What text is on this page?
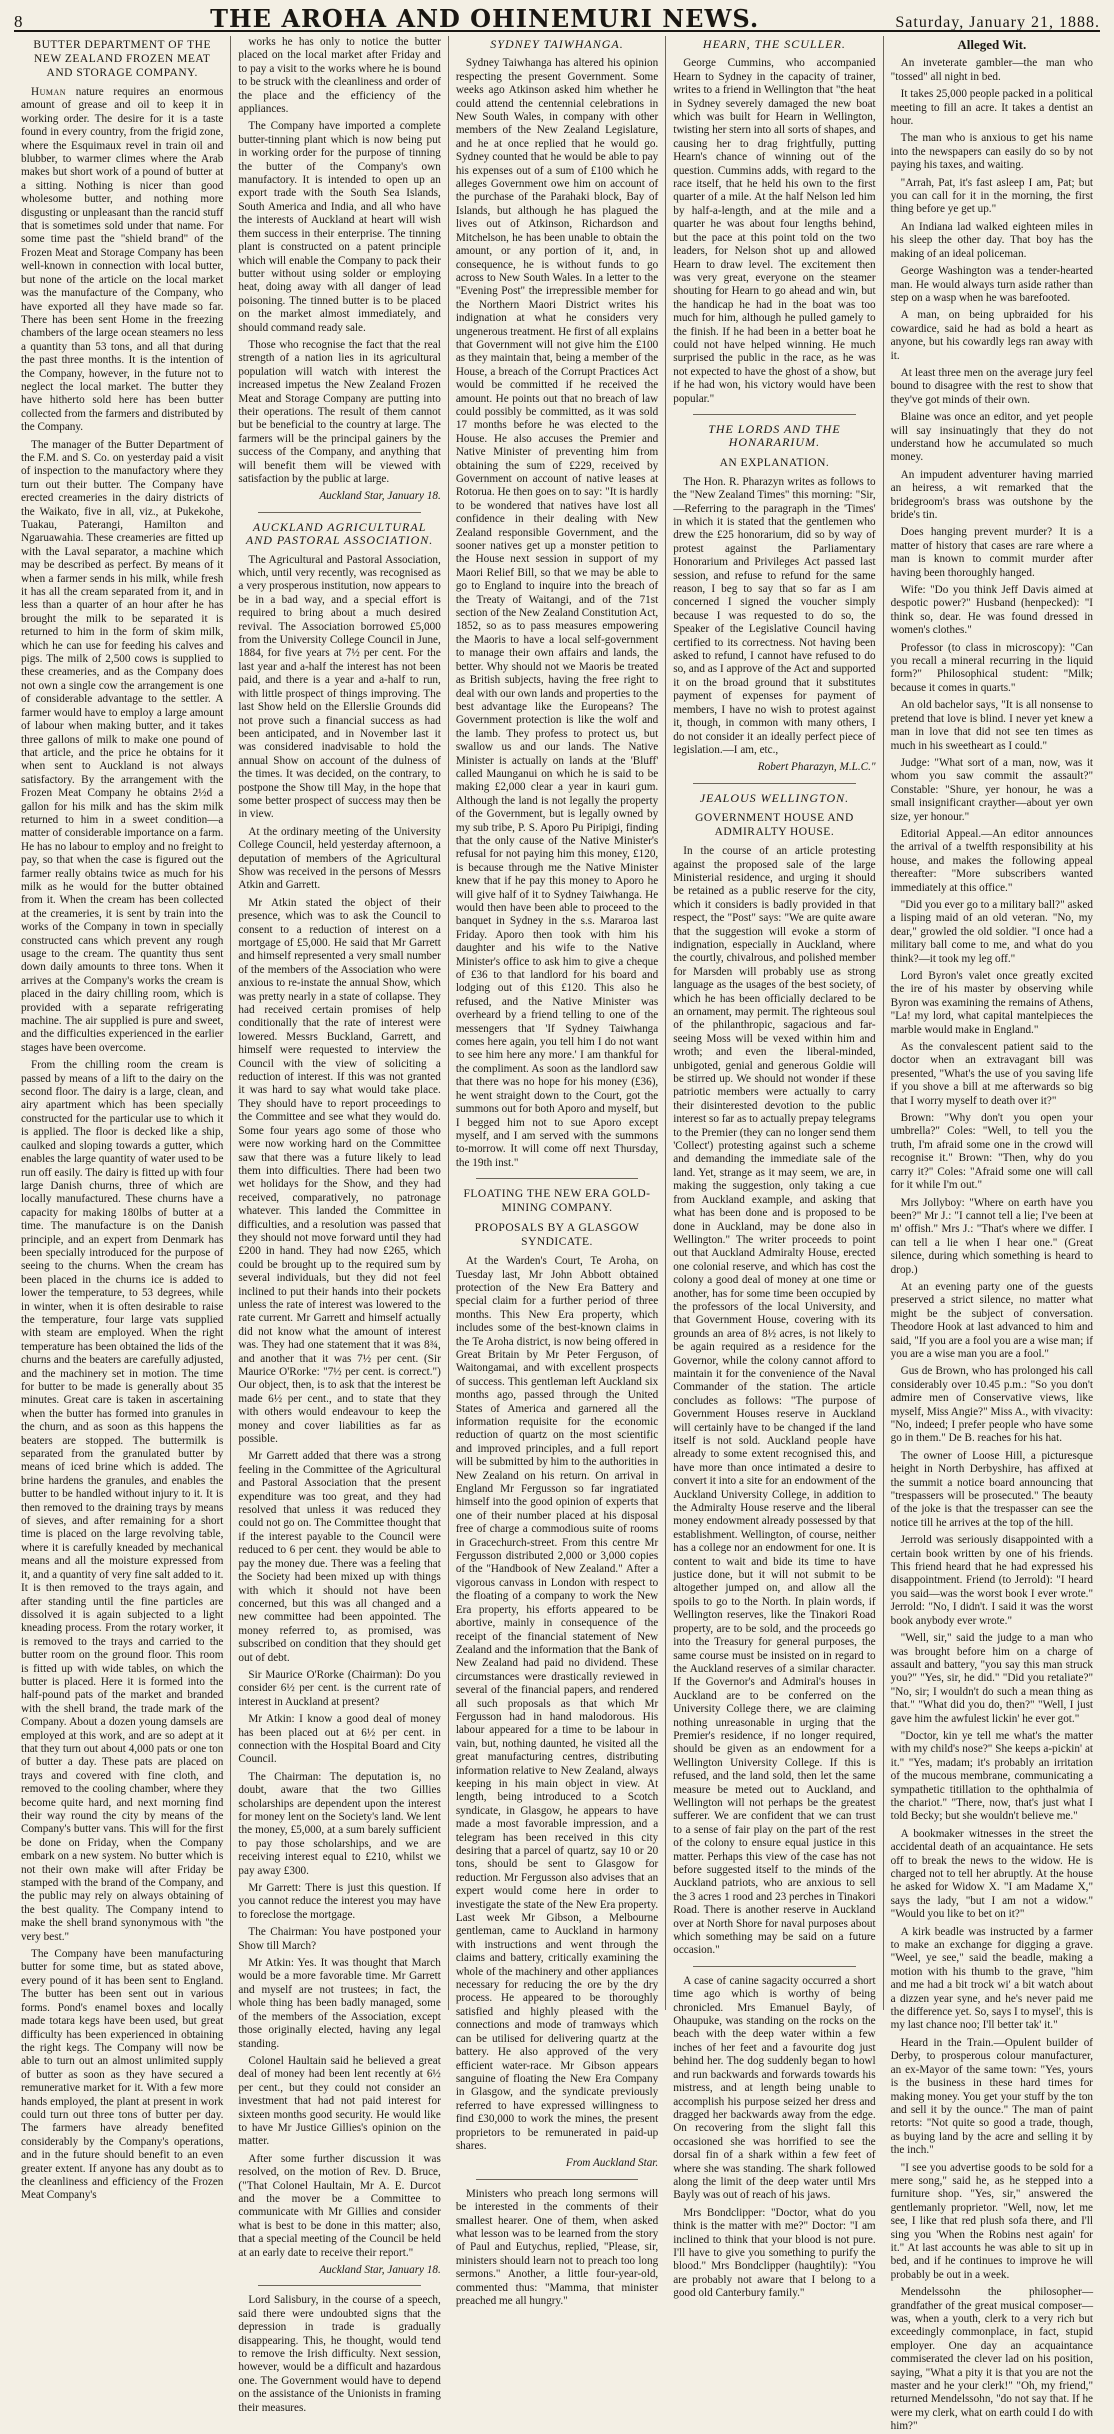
8	THE AROHA AND OHINEMURI NEWS.	Saturday, January 21, 1888.
BUTTER DEPARTMENT OF THE NEW ZEALAND FROZEN MEAT AND STORAGE COMPANY.

Human nature requires an enormous amount of grease and oil to keep it in working order. The desire for it is a taste found in every country, from the frigid zone, where the Esquimaux revel in train oil and blubber, to warmer climes where the Arab makes but short work of a pound of butter at a sitting. Nothing is nicer than good wholesome butter, and nothing more disgusting or unpleasant than the rancid stuff that is sometimes sold under that name. For some time past the "shield brand" of the Frozen Meat and Storage Company has been well-known in connection with local butter, but none of the article on the local market was the manufacture of the Company, who have exported all they have made so far. There has been sent Home in the freezing chambers of the large ocean steamers no less a quantity than 53 tons, and all that during the past three months. It is the intention of the Company, however, in the future not to neglect the local market. The butter they have hitherto sold here has been butter collected from the farmers and distributed by the Company.

The manager of the Butter Department of the F.M. and S. Co. on yesterday paid a visit of inspection to the manufactory where they turn out their butter. The Company have erected creameries in the dairy districts of the Waikato, five in all, viz., at Pukekohe, Tuakau, Paterangi, Hamilton and Ngaruawahia. These creameries are fitted up with the Laval separator, a machine which may be described as perfect. By means of it when a farmer sends in his milk, while fresh it has all the cream separated from it, and in less than a quarter of an hour after he has brought the milk to be separated it is returned to him in the form of skim milk, which he can use for feeding his calves and pigs. The milk of 2,500 cows is supplied to these creameries, and as the Company does not own a single cow the arrangement is one of considerable advantage to the settler. A farmer would have to employ a large amount of labour when making butter, and it takes three gallons of milk to make one pound of that article, and the price he obtains for it when sent to Auckland is not always satisfactory. By the arrangement with the Frozen Meat Company he obtains 2½d a gallon for his milk and has the skim milk returned to him in a sweet condition—a matter of considerable importance on a farm. He has no labour to employ and no freight to pay, so that when the case is figured out the farmer really obtains twice as much for his milk as he would for the butter obtained from it. When the cream has been collected at the creameries, it is sent by train into the works of the Company in town in specially constructed cans which prevent any rough usage to the cream. The quantity thus sent down daily amounts to three tons. When it arrives at the Company's works the cream is placed in the dairy chilling room, which is provided with a separate refrigerating machine. The air supplied is pure and sweet, and the difficulties experienced in the earlier stages have been overcome.

From the chilling room the cream is passed by means of a lift to the dairy on the second floor. The dairy is a large, clean, and airy apartment which has been specially constructed for the particular use to which it is applied. The floor is decked like a ship, caulked and sloping towards a gutter, which enables the large quantity of water used to be run off easily. The dairy is fitted up with four large Danish churns, three of which are locally manufactured. These churns have a capacity for making 180lbs of butter at a time. The manufacture is on the Danish principle, and an expert from Denmark has been specially introduced for the purpose of seeing to the churns. When the cream has been placed in the churns ice is added to lower the temperature, to 53 degrees, while in winter, when it is often desirable to raise the temperature, four large vats supplied with steam are employed. When the right temperature has been obtained the lids of the churns and the beaters are carefully adjusted, and the machinery set in motion. The time for butter to be made is generally about 35 minutes. Great care is taken in ascertaining when the butter has formed into granules in the churn, and as soon as this happens the beaters are stopped. The buttermilk is separated from the granulated butter by means of iced brine which is added. The brine hardens the granules, and enables the butter to be handled without injury to it. It is then removed to the draining trays by means of sieves, and after remaining for a short time is placed on the large revolving table, where it is carefully kneaded by mechanical means and all the moisture expressed from it, and a quantity of very fine salt added to it. It is then removed to the trays again, and after standing until the fine particles are dissolved it is again subjected to a light kneading process. From the rotary worker, it is removed to the trays and carried to the butter room on the ground floor. This room is fitted up with wide tables, on which the butter is placed. Here it is formed into the half-pound pats of the market and branded with the shell brand, the trade mark of the Company. About a dozen young damsels are employed at this work, and are so adept at it that they turn out about 4,000 pats or one ton of butter a day. These pats are placed on trays and covered with fine cloth, and removed to the cooling chamber, where they become quite hard, and next morning find their way round the city by means of the Company's butter vans. This will for the first be done on Friday, when the Company embark on a new system. No butter which is not their own make will after Friday be stamped with the brand of the Company, and the public may rely on always obtaining of the best quality. The Company intend to make the shell brand synonymous with "the very best."

The Company have been manufacturing butter for some time, but as stated above, every pound of it has been sent to England. The butter has been sent out in various forms. Pond's enamel boxes and locally made totara kegs have been used, but great difficulty has been experienced in obtaining the right kegs. The Company will now be able to turn out an almost unlimited supply of butter as soon as they have secured a remunerative market for it. With a few more hands employed, the plant at present in work could turn out three tons of butter per day. The farmers have already benefited considerably by the Company's operations, and in the future should benefit to an even greater extent. If anyone has any doubt as to the cleanliness and efficiency of the Frozen Meat Company's

works he has only to notice the butter placed on the local market after Friday and to pay a visit to the works where he is bound to be struck with the cleanliness and order of the place and the efficiency of the appliances.

The Company have imported a complete butter-tinning plant which is now being put in working order for the purpose of tinning the butter of the Company's own manufactory. It is intended to open up an export trade with the South Sea Islands, South America and India, and all who have the interests of Auckland at heart will wish them success in their enterprise. The tinning plant is constructed on a patent principle which will enable the Company to pack their butter without using solder or employing heat, doing away with all danger of lead poisoning. The tinned butter is to be placed on the market almost immediately, and should command ready sale.

Those who recognise the fact that the real strength of a nation lies in its agricultural population will watch with interest the increased impetus the New Zealand Frozen Meat and Storage Company are putting into their operations. The result of them cannot but be beneficial to the country at large. The farmers will be the principal gainers by the success of the Company, and anything that will benefit them will be viewed with satisfaction by the public at large.

Auckland Star, January 18.
AUCKLAND AGRICULTURAL AND PASTORAL ASSOCIATION.

The Agricultural and Pastoral Association, which, until very recently, was recognised as a very prosperous institution, now appears to be in a bad way, and a special effort is required to bring about a much desired revival. The Association borrowed £5,000 from the University College Council in June, 1884, for five years at 7½ per cent. For the last year and a-half the interest has not been paid, and there is a year and a-half to run, with little prospect of things improving. The last Show held on the Ellerslie Grounds did not prove such a financial success as had been anticipated, and in November last it was considered inadvisable to hold the annual Show on account of the dulness of the times. It was decided, on the contrary, to postpone the Show till May, in the hope that some better prospect of success may then be in view.

At the ordinary meeting of the University College Council, held yesterday afternoon, a deputation of members of the Agricultural Show was received in the persons of Messrs Atkin and Garrett.

Mr Atkin stated the object of their presence, which was to ask the Council to consent to a reduction of interest on a mortgage of £5,000. He said that Mr Garrett and himself represented a very small number of the members of the Association who were anxious to re-instate the annual Show, which was pretty nearly in a state of collapse. They had received certain promises of help conditionally that the rate of interest were lowered. Messrs Buckland, Garrett, and himself were requested to interview the Council with the view of soliciting a reduction of interest. If this was not granted it was hard to say what would take place. They should have to report proceedings to the Committee and see what they would do. Some four years ago some of those who were now working hard on the Committee saw that there was a future likely to lead them into difficulties. There had been two wet holidays for the Show, and they had received, comparatively, no patronage whatever. This landed the Committee in difficulties, and a resolution was passed that they should not move forward until they had £200 in hand. They had now £265, which could be brought up to the required sum by several individuals, but they did not feel inclined to put their hands into their pockets unless the rate of interest was lowered to the rate current. Mr Garrett and himself actually did not know what the amount of interest was. They had one statement that it was 8¾, and another that it was 7½ per cent. (Sir Maurice O'Rorke: "7½ per cent. is correct.") Our object, then, is to ask that the interest be made 6½ per cent., and to state that they with others would endeavour to keep the money and cover liabilities as far as possible.

Mr Garrett added that there was a strong feeling in the Committee of the Agricultural and Pastoral Association that the present expenditure was too great, and they had resolved that unless it was reduced they could not go on. The Committee thought that if the interest payable to the Council were reduced to 6 per cent. they would be able to pay the money due. There was a feeling that the Society had been mixed up with things with which it should not have been concerned, but this was all changed and a new committee had been appointed. The money referred to, as promised, was subscribed on condition that they should get out of debt.

Sir Maurice O'Rorke (Chairman): Do you consider 6½ per cent. is the current rate of interest in Auckland at present?

Mr Atkin: I know a good deal of money has been placed out at 6½ per cent. in connection with the Hospital Board and City Council.

The Chairman: The deputation is, no doubt, aware that the two Gillies scholarships are dependent upon the interest for money lent on the Society's land. We lent the money, £5,000, at a sum barely sufficient to pay those scholarships, and we are receiving interest equal to £210, whilst we pay away £300.

Mr Garrett: There is just this question. If you cannot reduce the interest you may have to foreclose the mortgage.

The Chairman: You have postponed your Show till March?

Mr Atkin: Yes. It was thought that March would be a more favorable time. Mr Garrett and myself are not trustees; in fact, the whole thing has been badly managed, some of the members of the Association, except those originally elected, having any legal standing.

Colonel Haultain said he believed a great deal of money had been lent recently at 6½ per cent., but they could not consider an investment that had not paid interest for sixteen months good security. He would like to have Mr Justice Gillies's opinion on the matter.

After some further discussion it was resolved, on the motion of Rev. D. Bruce, ("That Colonel Haultain, Mr A. E. Durcot and the mover be a Committee to communicate with Mr Gillies and consider what is best to be done in this matter; also, that a special meeting of the Council be held at an early date to receive their report."

Auckland Star, January 18.

Lord Salisbury, in the course of a speech, said there were undoubted signs that the depression in trade is gradually disappearing. This, he thought, would tend to remove the Irish difficulty. Next session, however, would be a difficult and hazardous one. The Government would have to depend on the assistance of the Unionists in framing their measures.

SYDNEY TAIWHANGA.

Sydney Taiwhanga has altered his opinion respecting the present Government. Some weeks ago Atkinson asked him whether he could attend the centennial celebrations in New South Wales, in company with other members of the New Zealand Legislature, and he at once replied that he would go. Sydney counted that he would be able to pay his expenses out of a sum of £100 which he alleges Government owe him on account of the purchase of the Parahaki block, Bay of Islands, but although he has plagued the lives out of Atkinson, Richardson and Mitchelson, he has been unable to obtain the amount, or any portion of it, and, in consequence, he is without funds to go across to New South Wales. In a letter to the "Evening Post" the irrepressible member for the Northern Maori District writes his indignation at what he considers very ungenerous treatment. He first of all explains that Government will not give him the £100 as they maintain that, being a member of the House, a breach of the Corrupt Practices Act would be committed if he received the amount. He points out that no breach of law could possibly be committed, as it was sold 17 months before he was elected to the House. He also accuses the Premier and Native Minister of preventing him from obtaining the sum of £229, received by Government on account of native leases at Rotorua. He then goes on to say: "It is hardly to be wondered that natives have lost all confidence in their dealing with New Zealand responsible Government, and the sooner natives get up a monster petition to the House next session in support of my Maori Relief Bill, so that we may be able to go to England to inquire into the breach of the Treaty of Waitangi, and of the 71st section of the New Zealand Constitution Act, 1852, so as to pass measures empowering the Maoris to have a local self-government to manage their own affairs and lands, the better. Why should not we Maoris be treated as British subjects, having the free right to deal with our own lands and properties to the best advantage like the Europeans? The Government protection is like the wolf and the lamb. They profess to protect us, but swallow us and our lands. The Native Minister is actually on lands at the 'Bluff' called Maunganui on which he is said to be making £2,000 clear a year in kauri gum. Although the land is not legally the property of the Government, but is legally owned by my sub tribe, P. S. Aporo Pu Piripigi, finding that the only cause of the Native Minister's refusal for not paying him this money, £120, is because through me the Native Minister knew that if he pay this money to Aporo he will give half of it to Sydney Taiwhanga. He would then have been able to proceed to the banquet in Sydney in the s.s. Mararoa last Friday. Aporo then took with him his daughter and his wife to the Native Minister's office to ask him to give a cheque of £36 to that landlord for his board and lodging out of this £120. This also he refused, and the Native Minister was overheard by a friend telling to one of the messengers that 'If Sydney Taiwhanga comes here again, you tell him I do not want to see him here any more.' I am thankful for the compliment. As soon as the landlord saw that there was no hope for his money (£36), he went straight down to the Court, got the summons out for both Aporo and myself, but I begged him not to sue Aporo except myself, and I am served with the summons to-morrow. It will come off next Thursday, the 19th inst."

FLOATING THE NEW ERA GOLD-MINING COMPANY.
PROPOSALS BY A GLASGOW SYNDICATE.

At the Warden's Court, Te Aroha, on Tuesday last, Mr John Abbott obtained protection of the New Era Battery and special claim for a further period of three months. This New Era property, which includes some of the best-known claims in the Te Aroha district, is now being offered in Great Britain by Mr Peter Ferguson, of Waitongamai, and with excellent prospects of success. This gentleman left Auckland six months ago, passed through the United States of America and garnered all the information requisite for the economic reduction of quartz on the most scientific and improved principles, and a full report will be submitted by him to the authorities in New Zealand on his return. On arrival in England Mr Fergusson so far ingratiated himself into the good opinion of experts that one of their number placed at his disposal free of charge a commodious suite of rooms in Gracechurch-street. From this centre Mr Fergusson distributed 2,000 or 3,000 copies of the "Handbook of New Zealand." After a vigorous canvass in London with respect to the floating of a company to work the New Era property, his efforts appeared to be abortive, mainly in consequence of the receipt of the financial statement of New Zealand and the information that the Bank of New Zealand had paid no dividend. These circumstances were drastically reviewed in several of the financial papers, and rendered all such proposals as that which Mr Fergusson had in hand malodorous. His labour appeared for a time to be labour in vain, but, nothing daunted, he visited all the great manufacturing centres, distributing information relative to New Zealand, always keeping in his main object in view. At length, being introduced to a Scotch syndicate, in Glasgow, he appears to have made a most favorable impression, and a telegram has been received in this city desiring that a parcel of quartz, say 10 or 20 tons, should be sent to Glasgow for reduction. Mr Fergusson also advises that an expert would come here in order to investigate the state of the New Era property. Last week Mr Gibson, a Melbourne gentleman, came to Auckland in harmony with instructions and went through the claims and battery, critically examining the whole of the machinery and other appliances necessary for reducing the ore by the dry process. He appeared to be thoroughly satisfied and highly pleased with the connections and mode of tramways which can be utilised for delivering quartz at the battery. He also approved of the very efficient water-race. Mr Gibson appears sanguine of floating the New Era Company in Glasgow, and the syndicate previously referred to have expressed willingness to find £30,000 to work the mines, the present proprietors to be remunerated in paid-up shares.

From Auckland Star.

Ministers who preach long sermons will be interested in the comments of their smallest hearer. One of them, when asked what lesson was to be learned from the story of Paul and Eutychus, replied, "Please, sir, ministers should learn not to preach too long sermons." Another, a little four-year-old, commented thus: "Mamma, that minister preached me all hungry."

HEARN, THE SCULLER.

George Cummins, who accompanied Hearn to Sydney in the capacity of trainer, writes to a friend in Wellington that "the heat in Sydney severely damaged the new boat which was built for Hearn in Wellington, twisting her stern into all sorts of shapes, and causing her to drag frightfully, putting Hearn's chance of winning out of the question. Cummins adds, with regard to the race itself, that he held his own to the first quarter of a mile. At the half Nelson led him by half-a-length, and at the mile and a quarter he was about four lengths behind, but the pace at this point told on the two leaders, for Nelson shot up and allowed Hearn to draw level. The excitement then was very great, everyone on the steamer shouting for Hearn to go ahead and win, but the handicap he had in the boat was too much for him, although he pulled gamely to the finish. If he had been in a better boat he could not have helped winning. He much surprised the public in the race, as he was not expected to have the ghost of a show, but if he had won, his victory would have been popular."

THE LORDS AND THE HONARARIUM.
AN EXPLANATION.

The Hon. R. Pharazyn writes as follows to the "New Zealand Times" this morning: "Sir,—Referring to the paragraph in the 'Times' in which it is stated that the gentlemen who drew the £25 honorarium, did so by way of protest against the Parliamentary Honorarium and Privileges Act passed last session, and refuse to refund for the same reason, I beg to say that so far as I am concerned I signed the voucher simply because I was requested to do so, the Speaker of the Legislative Council having certified to its correctness. Not having been asked to refund, I cannot have refused to do so, and as I approve of the Act and supported it on the broad ground that it substitutes payment of expenses for payment of members, I have no wish to protest against it, though, in common with many others, I do not consider it an ideally perfect piece of legislation.—I am, etc.,

Robert Pharazyn, M.L.C."
JEALOUS WELLINGTON.
GOVERNMENT HOUSE AND ADMIRALTY HOUSE.

In the course of an article protesting against the proposed sale of the large Ministerial residence, and urging it should be retained as a public reserve for the city, which it considers is badly provided in that respect, the "Post" says: "We are quite aware that the suggestion will evoke a storm of indignation, especially in Auckland, where the courtly, chivalrous, and polished member for Marsden will probably use as strong language as the usages of the best society, of which he has been officially declared to be an ornament, may permit. The righteous soul of the philanthropic, sagacious and far-seeing Moss will be vexed within him and wroth; and even the liberal-minded, unbigoted, genial and generous Goldie will be stirred up. We should not wonder if these patriotic members were actually to carry their disinterested devotion to the public interest so far as to actually prepay telegrams to the Premier (they can no longer send them 'Collect') protesting against such a scheme and demanding the immediate sale of the land. Yet, strange as it may seem, we are, in making the suggestion, only taking a cue from Auckland example, and asking that what has been done and is proposed to be done in Auckland, may be done also in Wellington." The writer proceeds to point out that Auckland Admiralty House, erected one colonial reserve, and which has cost the colony a good deal of money at one time or another, has for some time been occupied by the professors of the local University, and that Government House, covering with its grounds an area of 8½ acres, is not likely to be again required as a residence for the Governor, while the colony cannot afford to maintain it for the convenience of the Naval Commander of the station. The article concludes as follows: "The purpose of Government Houses reserve in Auckland will certainly have to be changed if the land itself is not sold. Auckland people have already to some extent recognised this, and have more than once intimated a desire to convert it into a site for an endowment of the Auckland University College, in addition to the Admiralty House reserve and the liberal money endowment already possessed by that establishment. Wellington, of course, neither has a college nor an endowment for one. It is content to wait and bide its time to have justice done, but it will not submit to be altogether jumped on, and allow all the spoils to go to the North. In plain words, if Wellington reserves, like the Tinakori Road property, are to be sold, and the proceeds go into the Treasury for general purposes, the same course must be insisted on in regard to the Auckland reserves of a similar character. If the Governor's and Admiral's houses in Auckland are to be conferred on the University College there, we are claiming nothing unreasonable in urging that the Premier's residence, if no longer required, should be given as an endowment for a Wellington University College. If this is refused, and the land sold, then let the same measure be meted out to Auckland, and Wellington will not perhaps be the greatest sufferer. We are confident that we can trust to a sense of fair play on the part of the rest of the colony to ensure equal justice in this matter. Perhaps this view of the case has not before suggested itself to the minds of the Auckland patriots, who are anxious to sell the 3 acres 1 rood and 23 perches in Tinakori Road. There is another reserve in Auckland over at North Shore for naval purposes about which something may be said on a future occasion."

A case of canine sagacity occurred a short time ago which is worthy of being chronicled. Mrs Emanuel Bayly, of Ohaupuke, was standing on the rocks on the beach with the deep water within a few inches of her feet and a favourite dog just behind her. The dog suddenly began to howl and run backwards and forwards towards his mistress, and at length being unable to accomplish his purpose seized her dress and dragged her backwards away from the edge. On recovering from the slight fall this occasioned she was horrified to see the dorsal fin of a shark within a few feet of where she was standing. The shark followed along the limit of the deep water until Mrs Bayly was out of reach of his jaws.

Mrs Bondclipper: "Doctor, what do you think is the matter with me?" Doctor: "I am inclined to think that your blood is not pure. I'll have to give you something to purify the blood." Mrs Bondclipper (haughtily): "You are probably not aware that I belong to a good old Canterbury family."

Alleged Wit.

An inveterate gambler—the man who "tossed" all night in bed.

It takes 25,000 people packed in a political meeting to fill an acre. It takes a dentist an hour.

The man who is anxious to get his name into the newspapers can easily do so by not paying his taxes, and waiting.

"Arrah, Pat, it's fast asleep I am, Pat; but you can call for it in the morning, the first thing before ye get up."

An Indiana lad walked eighteen miles in his sleep the other day. That boy has the making of an ideal policeman.

George Washington was a tender-hearted man. He would always turn aside rather than step on a wasp when he was barefooted.

A man, on being upbraided for his cowardice, said he had as bold a heart as anyone, but his cowardly legs ran away with it.

At least three men on the average jury feel bound to disagree with the rest to show that they've got minds of their own.

Blaine was once an editor, and yet people will say insinuatingly that they do not understand how he accumulated so much money.

An impudent adventurer having married an heiress, a wit remarked that the bridegroom's brass was outshone by the bride's tin.

Does hanging prevent murder? It is a matter of history that cases are rare where a man is known to commit murder after having been thoroughly hanged.

Wife: "Do you think Jeff Davis aimed at despotic power?" Husband (henpecked): "I think so, dear. He was found dressed in women's clothes."

Professor (to class in microscopy): "Can you recall a mineral recurring in the liquid form?" Philosophical student: "Milk; because it comes in quarts."

An old bachelor says, "It is all nonsense to pretend that love is blind. I never yet knew a man in love that did not see ten times as much in his sweetheart as I could."

Judge: "What sort of a man, now, was it whom you saw commit the assault?" Constable: "Shure, yer honour, he was a small insignificant crayther—about yer own size, yer honour."

Editorial Appeal.—An editor announces the arrival of a twelfth responsibility at his house, and makes the following appeal thereafter: "More subscribers wanted immediately at this office."

"Did you ever go to a military ball?" asked a lisping maid of an old veteran. "No, my dear," growled the old soldier. "I once had a military ball come to me, and what do you think?—it took my leg off."

Lord Byron's valet once greatly excited the ire of his master by observing while Byron was examining the remains of Athens, "La! my lord, what capital mantelpieces the marble would make in England."

As the convalescent patient said to the doctor when an extravagant bill was presented, "What's the use of you saving life if you shove a bill at me afterwards so big that I worry myself to death over it?"

Brown: "Why don't you open your umbrella?" Coles: "Well, to tell you the truth, I'm afraid some one in the crowd will recognise it." Brown: "Then, why do you carry it?" Coles: "Afraid some one will call for it while I'm out."

Mrs Jollyboy: "Where on earth have you been?" Mr J.: "I cannot tell a lie; I've been at m' offish." Mrs J.: "That's where we differ. I can tell a lie when I hear one." (Great silence, during which something is heard to drop.)

At an evening party one of the guests preserved a strict silence, no matter what might be the subject of conversation. Theodore Hook at last advanced to him and said, "If you are a fool you are a wise man; if you are a wise man you are a fool."

Gus de Brown, who has prolonged his call considerably over 10.45 p.m.: "So you don't admire men of Conservative views, like myself, Miss Angie?" Miss A., with vivacity: "No, indeed; I prefer people who have some go in them." De B. reaches for his hat.

The owner of Loose Hill, a picturesque height in North Derbyshire, has affixed at the summit a notice board announcing that "trespassers will be prosecuted." The beauty of the joke is that the trespasser can see the notice till he arrives at the top of the hill.

Jerrold was seriously disappointed with a certain book written by one of his friends. This friend heard that he had expressed his disappointment. Friend (to Jerrold): "I heard you said—was the worst book I ever wrote." Jerrold: "No, I didn't. I said it was the worst book anybody ever wrote."

"Well, sir," said the judge to a man who was brought before him on a charge of assault and battery, "you say this man struck you?" "Yes, sir, he did." "Did you retaliate?" "No, sir; I wouldn't do such a mean thing as that." "What did you do, then?" "Well, I just gave him the awfulest lickin' he ever got."

"Doctor, kin ye tell me what's the matter with my child's nose?" She keeps a-pickin' at it." "Yes, madam; it's probably an irritation of the mucous membrane, communicating a sympathetic titillation to the ophthalmia of the chariot." "There, now, that's just what I told Becky; but she wouldn't believe me."

A bookmaker witnesses in the street the accidental death of an acquaintance. He sets off to break the news to the widow. He is charged not to tell her abruptly. At the house he asked for Widow X. "I am Madame X," says the lady, "but I am not a widow." "Would you like to bet on it?"

A kirk beadle was instructed by a farmer to make an exchange for digging a grave. "Weel, ye see," said the beadle, making a motion with his thumb to the grave, "him and me had a bit trock wi' a bit watch about a dizzen year syne, and he's never paid me the difference yet. So, says I to mysel', this is my last chance noo; I'll better tak' it."

Heard in the Train.—Opulent builder of Derby, to prosperous colour manufacturer, an ex-Mayor of the same town: "Yes, yours is the business in these hard times for making money. You get your stuff by the ton and sell it by the ounce." The man of paint retorts: "Not quite so good a trade, though, as buying land by the acre and selling it by the inch."

"I see you advertise goods to be sold for a mere song," said he, as he stepped into a furniture shop. "Yes, sir," answered the gentlemanly proprietor. "Well, now, let me see, I like that red plush sofa there, and I'll sing you 'When the Robins nest again' for it." At last accounts he was able to sit up in bed, and if he continues to improve he will probably be out in a week.

Mendelssohn the philosopher—grandfather of the great musical composer—was, when a youth, clerk to a very rich but exceedingly commonplace, in fact, stupid employer. One day an acquaintance commiserated the clever lad on his position, saying, "What a pity it is that you are not the master and he your clerk!" "Oh, my friend," returned Mendelssohn, "do not say that. If he were my clerk, what on earth could I do with him?"
